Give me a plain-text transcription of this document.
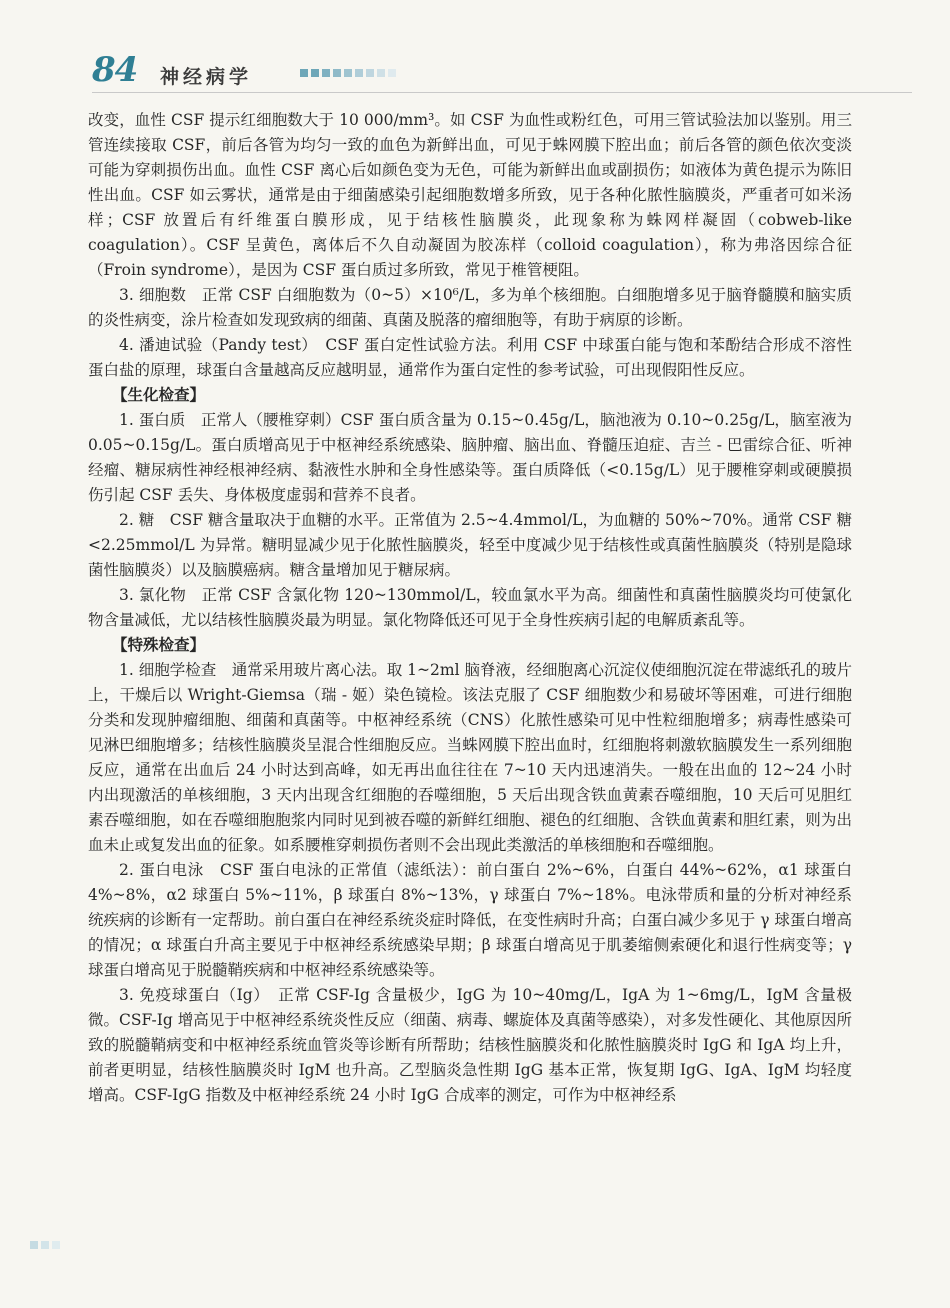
84 神经病学

改变，血性 CSF 提示红细胞数大于 10 000/mm³。如 CSF 为血性或粉红色，可用三管试验法加以鉴别。用三管连续接取 CSF，前后各管为均匀一致的血色为新鲜出血，可见于蛛网膜下腔出血；前后各管的颜色依次变淡可能为穿刺损伤出血。血性 CSF 离心后如颜色变为无色，可能为新鲜出血或副损伤；如液体为黄色提示为陈旧性出血。CSF 如云雾状，通常是由于细菌感染引起细胞数增多所致，见于各种化脓性脑膜炎，严重者可如米汤样；CSF 放置后有纤维蛋白膜形成，见于结核性脑膜炎，此现象称为蛛网样凝固（cobweb-like coagulation）。CSF 呈黄色，离体后不久自动凝固为胶冻样（colloid coagulation），称为弗洛因综合征（Froin syndrome），是因为 CSF 蛋白质过多所致，常见于椎管梗阻。

3. 细胞数　正常 CSF 白细胞数为（0~5）×10⁶/L，多为单个核细胞。白细胞增多见于脑脊髓膜和脑实质的炎性病变，涂片检查如发现致病的细菌、真菌及脱落的瘤细胞等，有助于病原的诊断。

4. 潘迪试验（Pandy test）　CSF 蛋白定性试验方法。利用 CSF 中球蛋白能与饱和苯酚结合形成不溶性蛋白盐的原理，球蛋白含量越高反应越明显，通常作为蛋白定性的参考试验，可出现假阳性反应。

【生化检查】

1. 蛋白质　正常人（腰椎穿刺）CSF 蛋白质含量为 0.15~0.45g/L，脑池液为 0.10~0.25g/L，脑室液为 0.05~0.15g/L。蛋白质增高见于中枢神经系统感染、脑肿瘤、脑出血、脊髓压迫症、吉兰 - 巴雷综合征、听神经瘤、糖尿病性神经根神经病、黏液性水肿和全身性感染等。蛋白质降低（<0.15g/L）见于腰椎穿刺或硬膜损伤引起 CSF 丢失、身体极度虚弱和营养不良者。

2. 糖　CSF 糖含量取决于血糖的水平。正常值为 2.5~4.4mmol/L，为血糖的 50%~70%。通常 CSF 糖 <2.25mmol/L 为异常。糖明显减少见于化脓性脑膜炎，轻至中度减少见于结核性或真菌性脑膜炎（特别是隐球菌性脑膜炎）以及脑膜癌病。糖含量增加见于糖尿病。

3. 氯化物　正常 CSF 含氯化物 120~130mmol/L，较血氯水平为高。细菌性和真菌性脑膜炎均可使氯化物含量减低，尤以结核性脑膜炎最为明显。氯化物降低还可见于全身性疾病引起的电解质紊乱等。

【特殊检查】

1. 细胞学检查　通常采用玻片离心法。取 1~2ml 脑脊液，经细胞离心沉淀仪使细胞沉淀在带滤纸孔的玻片上，干燥后以 Wright-Giemsa（瑞 - 姬）染色镜检。该法克服了 CSF 细胞数少和易破坏等困难，可进行细胞分类和发现肿瘤细胞、细菌和真菌等。中枢神经系统（CNS）化脓性感染可见中性粒细胞增多；病毒性感染可见淋巴细胞增多；结核性脑膜炎呈混合性细胞反应。当蛛网膜下腔出血时，红细胞将刺激软脑膜发生一系列细胞反应，通常在出血后 24 小时达到高峰，如无再出血往往在 7~10 天内迅速消失。一般在出血的 12~24 小时内出现激活的单核细胞，3 天内出现含红细胞的吞噬细胞，5 天后出现含铁血黄素吞噬细胞，10 天后可见胆红素吞噬细胞，如在吞噬细胞胞浆内同时见到被吞噬的新鲜红细胞、褪色的红细胞、含铁血黄素和胆红素，则为出血未止或复发出血的征象。如系腰椎穿刺损伤者则不会出现此类激活的单核细胞和吞噬细胞。

2. 蛋白电泳　CSF 蛋白电泳的正常值（滤纸法）：前白蛋白 2%~6%，白蛋白 44%~62%，α1 球蛋白 4%~8%，α2 球蛋白 5%~11%，β 球蛋白 8%~13%，γ 球蛋白 7%~18%。电泳带质和量的分析对神经系统疾病的诊断有一定帮助。前白蛋白在神经系统炎症时降低，在变性病时升高；白蛋白减少多见于 γ 球蛋白增高的情况；α 球蛋白升高主要见于中枢神经系统感染早期；β 球蛋白增高见于肌萎缩侧索硬化和退行性病变等；γ 球蛋白增高见于脱髓鞘疾病和中枢神经系统感染等。

3. 免疫球蛋白（Ig）　正常 CSF-Ig 含量极少，IgG 为 10~40mg/L，IgA 为 1~6mg/L，IgM 含量极微。CSF-Ig 增高见于中枢神经系统炎性反应（细菌、病毒、螺旋体及真菌等感染），对多发性硬化、其他原因所致的脱髓鞘病变和中枢神经系统血管炎等诊断有所帮助；结核性脑膜炎和化脓性脑膜炎时 IgG 和 IgA 均上升，前者更明显，结核性脑膜炎时 IgM 也升高。乙型脑炎急性期 IgG 基本正常，恢复期 IgG、IgA、IgM 均轻度增高。CSF-IgG 指数及中枢神经系统 24 小时 IgG 合成率的测定，可作为中枢神经系
